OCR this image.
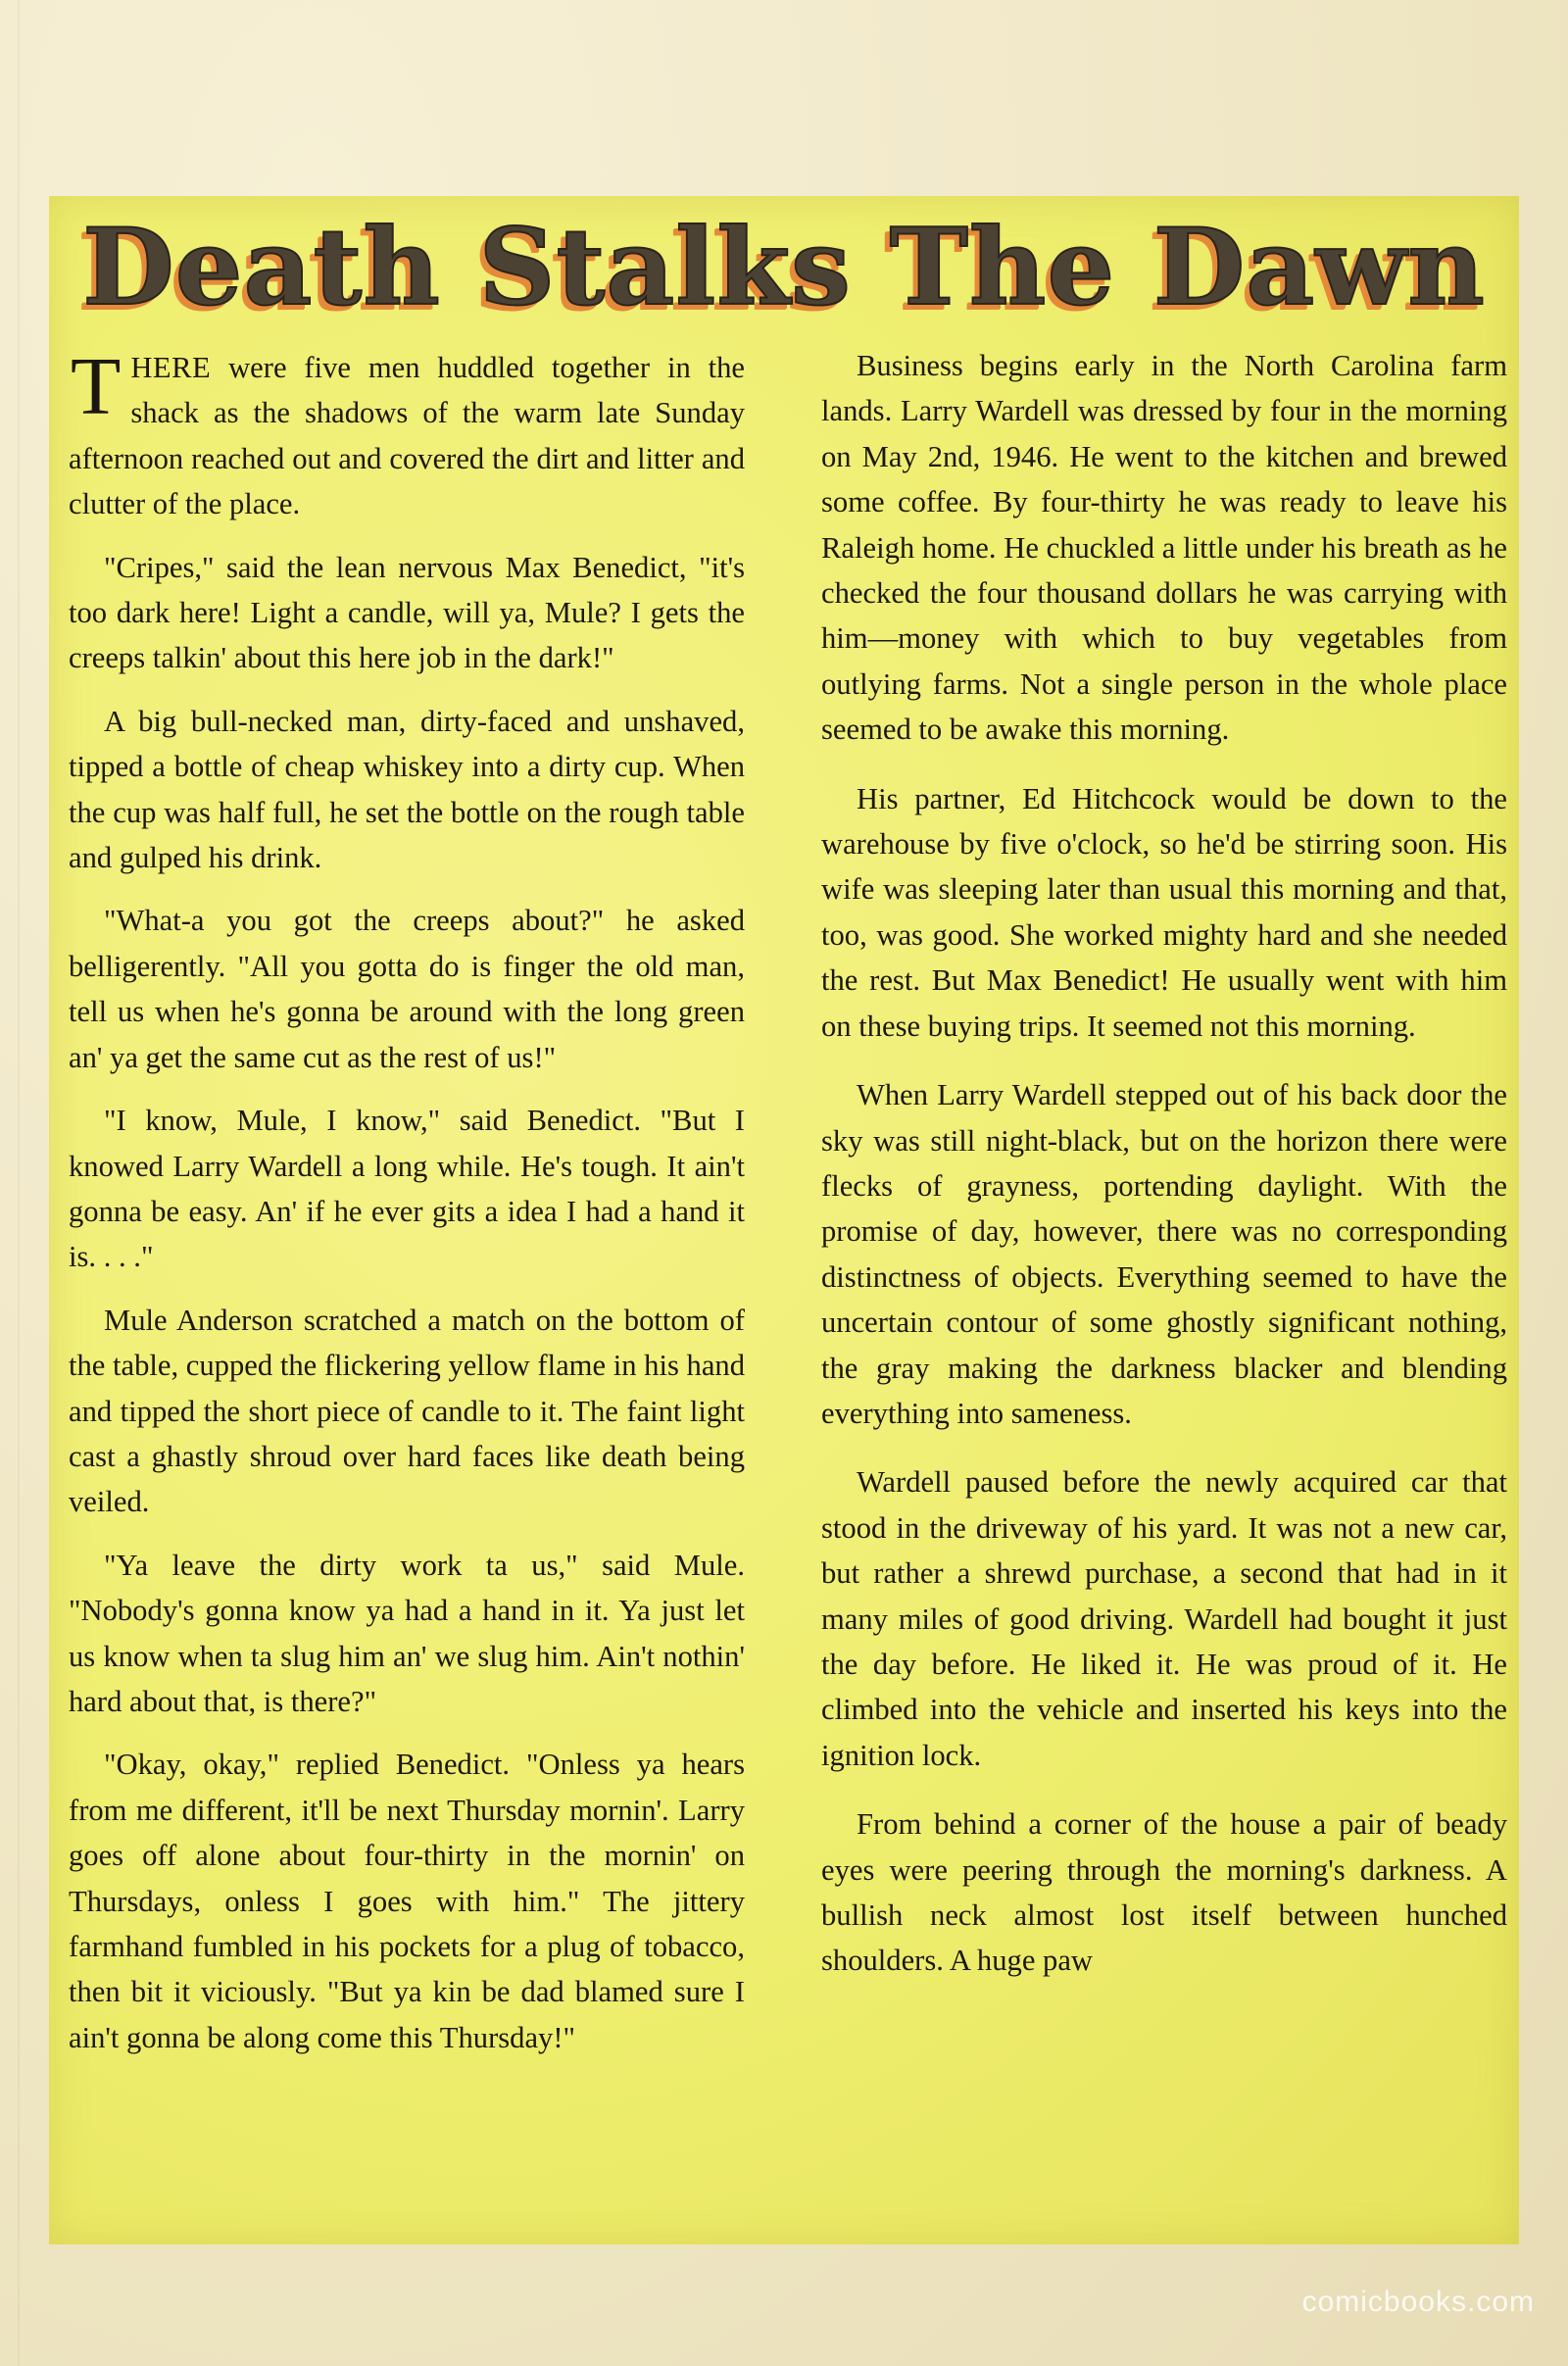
Death Stalks The Dawn

THERE were five men huddled together in the shack as the shadows of the warm late Sunday afternoon reached out and covered the dirt and litter and clutter of the place.

"Cripes," said the lean nervous Max Benedict, "it's too dark here! Light a candle, will ya, Mule? I gets the creeps talkin' about this here job in the dark!"

A big bull-necked man, dirty-faced and unshaved, tipped a bottle of cheap whiskey into a dirty cup. When the cup was half full, he set the bottle on the rough table and gulped his drink.

"What-a you got the creeps about?" he asked belligerently. "All you gotta do is finger the old man, tell us when he's gonna be around with the long green an' ya get the same cut as the rest of us!"

"I know, Mule, I know," said Benedict. "But I knowed Larry Wardell a long while. He's tough. It ain't gonna be easy. An' if he ever gits a idea I had a hand it is. . . ."

Mule Anderson scratched a match on the bottom of the table, cupped the flickering yellow flame in his hand and tipped the short piece of candle to it. The faint light cast a ghastly shroud over hard faces like death being veiled.

"Ya leave the dirty work ta us," said Mule. "Nobody's gonna know ya had a hand in it. Ya just let us know when ta slug him an' we slug him. Ain't nothin' hard about that, is there?"

"Okay, okay," replied Benedict. "Onless ya hears from me different, it'll be next Thursday mornin'. Larry goes off alone about four-thirty in the mornin' on Thursdays, onless I goes with him." The jittery farmhand fumbled in his pockets for a plug of tobacco, then bit it viciously. "But ya kin be dad blamed sure I ain't gonna be along come this Thursday!"

Business begins early in the North Carolina farm lands. Larry Wardell was dressed by four in the morning on May 2nd, 1946. He went to the kitchen and brewed some coffee. By four-thirty he was ready to leave his Raleigh home. He chuckled a little under his breath as he checked the four thousand dollars he was carrying with him—money with which to buy vegetables from outlying farms. Not a single person in the whole place seemed to be awake this morning.

His partner, Ed Hitchcock would be down to the warehouse by five o'clock, so he'd be stirring soon. His wife was sleeping later than usual this morning and that, too, was good. She worked mighty hard and she needed the rest. But Max Benedict! He usually went with him on these buying trips. It seemed not this morning.

When Larry Wardell stepped out of his back door the sky was still night-black, but on the horizon there were flecks of grayness, portending daylight. With the promise of day, however, there was no corresponding distinctness of objects. Everything seemed to have the uncertain contour of some ghostly significant nothing, the gray making the darkness blacker and blending everything into sameness.

Wardell paused before the newly acquired car that stood in the driveway of his yard. It was not a new car, but rather a shrewd purchase, a second that had in it many miles of good driving. Wardell had bought it just the day before. He liked it. He was proud of it. He climbed into the vehicle and inserted his keys into the ignition lock.

From behind a corner of the house a pair of beady eyes were peering through the morning's darkness. A bullish neck almost lost itself between hunched shoulders. A huge paw

comicbooks.com
